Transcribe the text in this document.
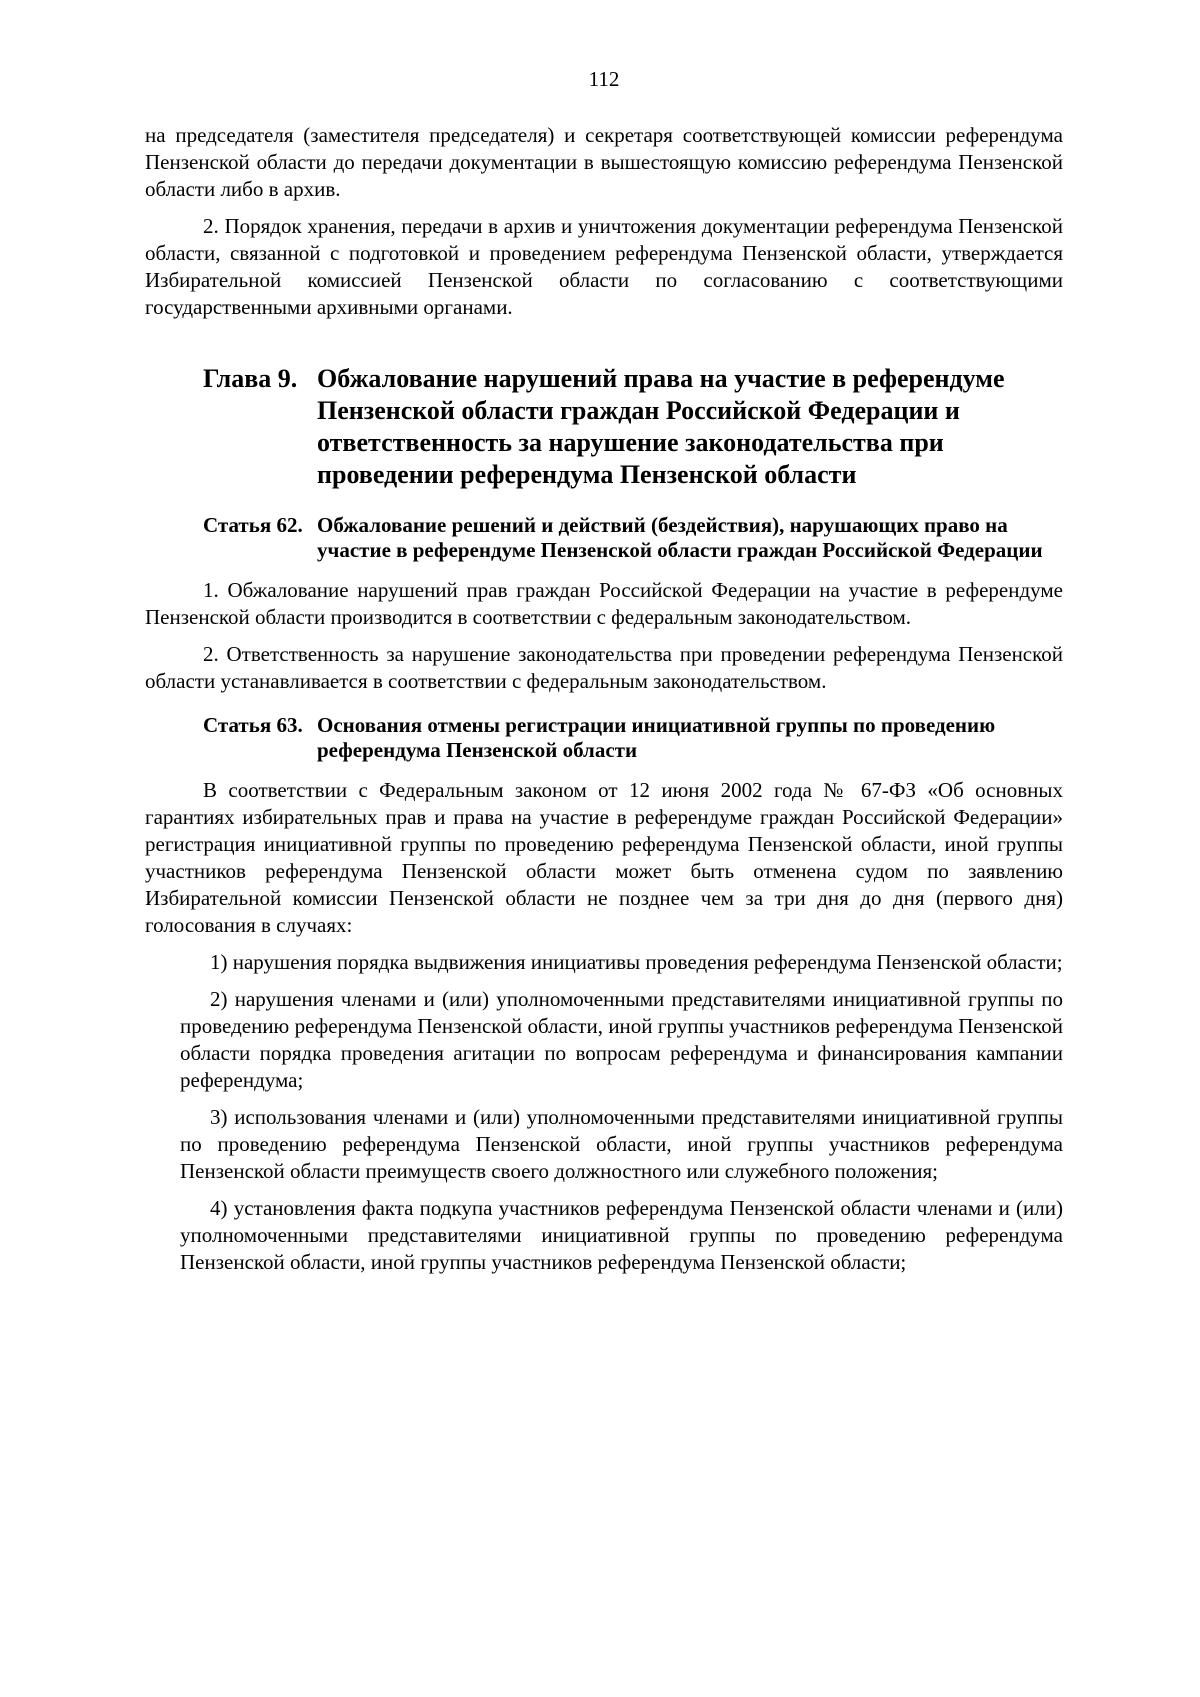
112

на председателя (заместителя председателя) и секретаря соответствующей комиссии референдума Пензенской области до передачи документации в вышестоящую комиссию референдума Пензенской области либо в архив.

2. Порядок хранения, передачи в архив и уничтожения документации референдума Пензенской области, связанной с подготовкой и проведением референдума Пензенской области, утверждается Избирательной комиссией Пензенской области по согласованию с соответствующими государственными архивными органами.

Глава 9. Обжалование нарушений права на участие в референдуме Пензенской области граждан Российской Федерации и ответственность за нарушение законодательства при проведении референдума Пензенской области
Статья 62. Обжалование решений и действий (бездействия), нарушающих право на участие в референдуме Пензенской области граждан Российской Федерации

1. Обжалование нарушений прав граждан Российской Федерации на участие в референдуме Пензенской области производится в соответствии с федеральным законодательством.

2. Ответственность за нарушение законодательства при проведении референдума Пензенской области устанавливается в соответствии с федеральным законодательством.

Статья 63. Основания отмены регистрации инициативной группы по проведению референдума Пензенской области

В соответствии с Федеральным законом от 12 июня 2002 года № 67-ФЗ «Об основных гарантиях избирательных прав и права на участие в референдуме граждан Российской Федерации» регистрация инициативной группы по проведению референдума Пензенской области, иной группы участников референдума Пензенской области может быть отменена судом по заявлению Избирательной комиссии Пензенской области не позднее чем за три дня до дня (первого дня) голосования в случаях:

1) нарушения порядка выдвижения инициативы проведения референдума Пензенской области;

2) нарушения членами и (или) уполномоченными представителями инициативной группы по проведению референдума Пензенской области, иной группы участников референдума Пензенской области порядка проведения агитации по вопросам референдума и финансирования кампании референдума;

3) использования членами и (или) уполномоченными представителями инициативной группы по проведению референдума Пензенской области, иной группы участников референдума Пензенской области преимуществ своего должностного или служебного положения;

4) установления факта подкупа участников референдума Пензенской области членами и (или) уполномоченными представителями инициативной группы по проведению референдума Пензенской области, иной группы участников референдума Пензенской области;
